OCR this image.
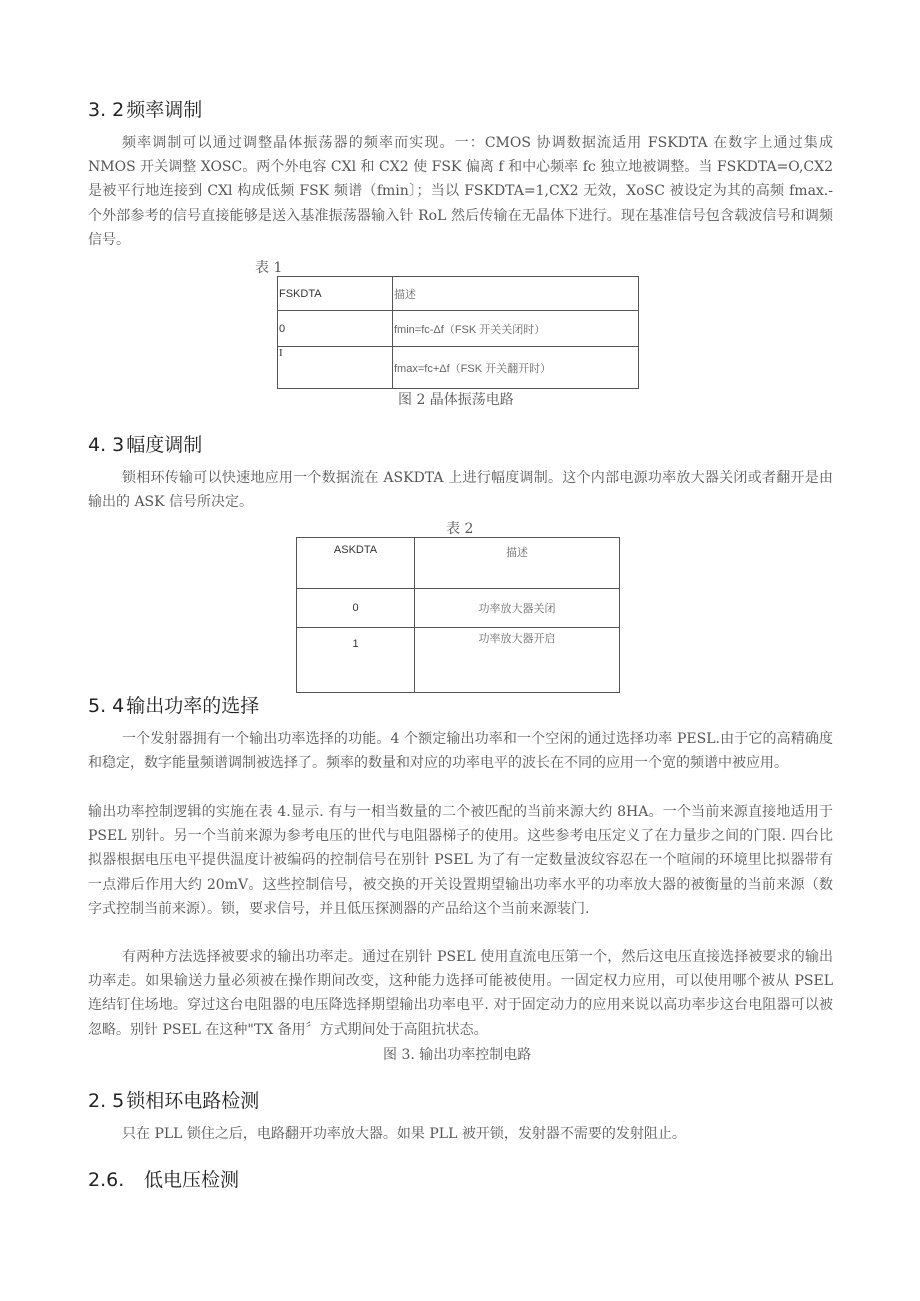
3. 2 频率调制
频率调制可以通过调整晶体振荡器的频率而实现。一：CMOS 协调数据流适用 FSKDTA 在数字上通过集成 NMOS 开关调整 XOSC。两个外电容 CXl 和 CX2 使 FSK 偏离 f 和中心频率 fc 独立地被调整。当 FSKDTA=O,CX2 是被平行地连接到 CXl 构成低频 FSK 频谱（fmin〕；当以 FSKDTA=1,CX2 无效，XoSC 被设定为其的高频 fmax.-个外部参考的信号直接能够是送入基准振荡器输入针 RoL 然后传输在无晶体下进行。现在基准信号包含载波信号和调频信号。
表 1
FSKDTA	描述

0	fmin=fc-Δf（FSK 开关关闭时）

I	fmax=fc+Δf（FSK 开关翻开时）
图 2 晶体振荡电路
4. 3 幅度调制
锁相环传输可以快速地应用一个数据流在 ASKDTA 上进行幅度调制。这个内部电源功率放大器关闭或者翻开是由输出的 ASK 信号所决定。
表 2
ASKDTA	描述
0	功率放大器关闭
1	功率放大器开启
5. 4 输出功率的选择
一个发射器拥有一个输出功率选择的功能。4 个额定输出功率和一个空闲的通过选择功率 PESL.由于它的高精确度和稳定，数字能量频谱调制被选择了。频率的数量和对应的功率电平的波长在不同的应用一个宽的频谱中被应用。
输出功率控制逻辑的实施在表 4.显示. 有与一相当数量的二个被匹配的当前来源大约 8HA。一个当前来源直接地适用于 PSEL 别针。另一个当前来源为参考电压的世代与电阻器梯子的使用。这些参考电压定义了在力量步之间的门限. 四台比拟器根据电压电平提供温度计被编码的控制信号在别针 PSEL 为了有一定数量波纹容忍在一个喧闹的环境里比拟器带有一点滞后作用大约 20mV。这些控制信号，被交换的开关设置期望输出功率水平的功率放大器的被衡量的当前来源（数字式控制当前来源）。锁，要求信号，并且低压探测器的产品给这个当前来源装门.
有两种方法选择被要求的输出功率走。通过在别针 PSEL 使用直流电压第一个，然后这电压直接选择被要求的输出功率走。如果输送力量必须被在操作期间改变，这种能力选择可能被使用。一固定权力应用，可以使用哪个被从 PSEL 连结钉住场地。穿过这台电阻器的电压降选择期望输出功率电平. 对于固定动力的应用来说以高功率步这台电阻器可以被忽略。别针 PSEL 在这种"TX 备用〞方式期间处于高阻抗状态。
图 3. 输出功率控制电路
2. 5 锁相环电路检测
只在 PLL 锁住之后，电路翻开功率放大器。如果 PLL 被开锁，发射器不需要的发射阻止。
2.6. 低电压检测
